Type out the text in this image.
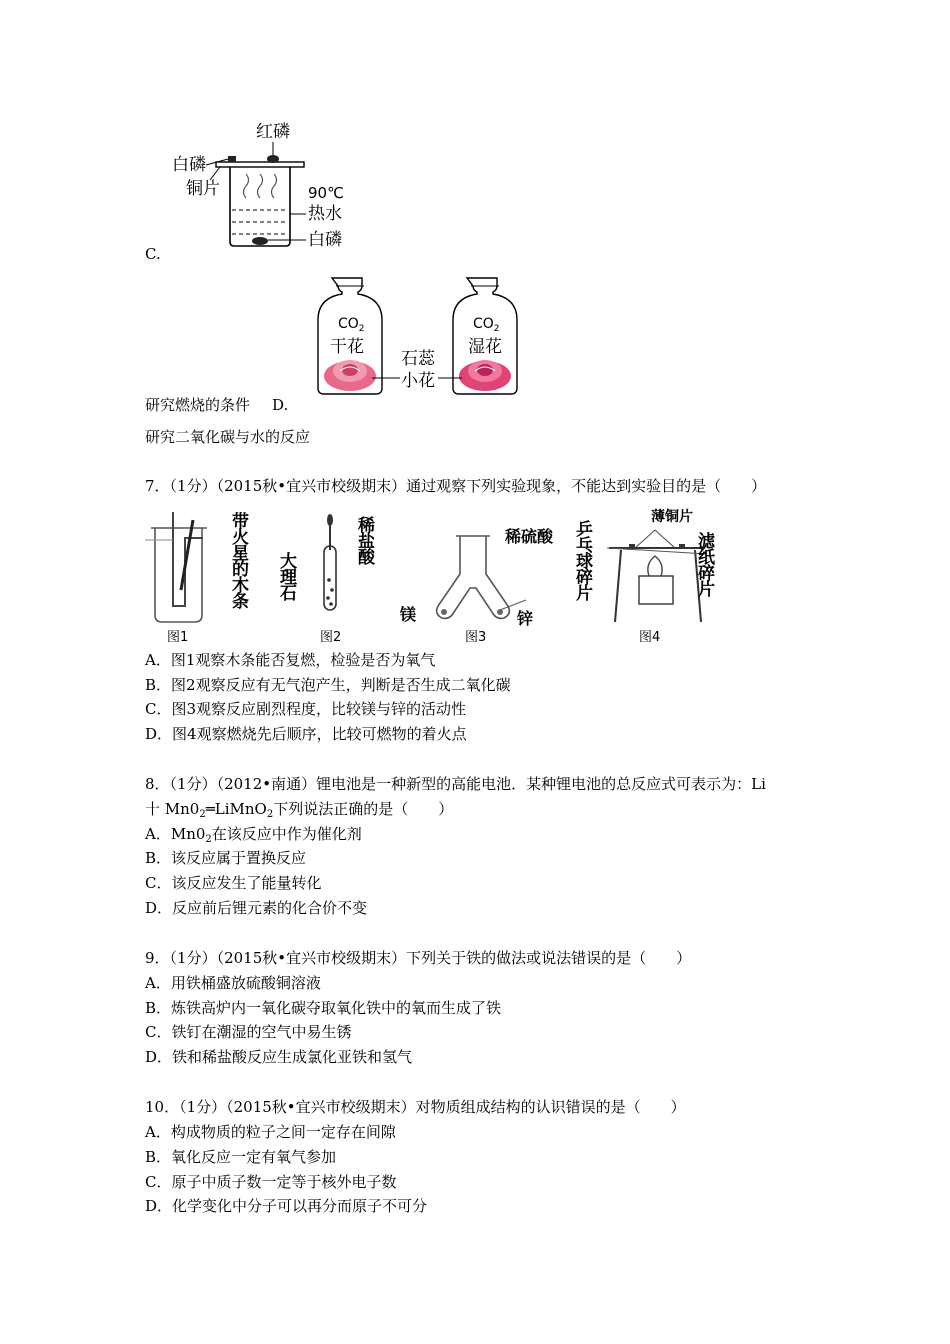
红磷
白磷
铜片	90℃
热水
白磷
C.
$CO_2$	$CO_2$
干花	湿花
石蕊
小花
研究燃烧的条件 D.
研究二氧化碳与水的反应
7．（1分）（2015秋•宜兴市校级期末）通过观察下列实验现象，不能达到实验目的是（　　）
带火星的木条
图1
稀盐酸
大理石
图2
稀硫酸
镁	锌
图3
薄铜片
乒乓球碎片	滤纸碎片
图4
A．图1观察木条能否复燃，检验是否为氧气
B．图2观察反应有无气泡产生，判断是否生成二氧化碳
C．图3观察反应剧烈程度，比较镁与锌的活动性
D．图4观察燃烧先后顺序，比较可燃物的着火点
8．（1分）（2012•南通）锂电池是一种新型的高能电池．某种锂电池的总反应式可表示为：Li
十 $Mn0_2═LiMnO_2$下列说法正确的是（　　）
A．$Mn0_2$在该反应中作为催化剂
B．该反应属于置换反应
C．该反应发生了能量转化
D．反应前后锂元素的化合价不变
9．（1分）（2015秋•宜兴市校级期末）下列关于铁的做法或说法错误的是（　　）
A．用铁桶盛放硫酸铜溶液
B．炼铁高炉内一氧化碳夺取氧化铁中的氧而生成了铁
C．铁钉在潮湿的空气中易生锈
D．铁和稀盐酸反应生成氯化亚铁和氢气
10．（1分）（2015秋•宜兴市校级期末）对物质组成结构的认识错误的是（　　）
A．构成物质的粒子之间一定存在间隙
B．氧化反应一定有氧气参加
C．原子中质子数一定等于核外电子数
D．化学变化中分子可以再分而原子不可分
